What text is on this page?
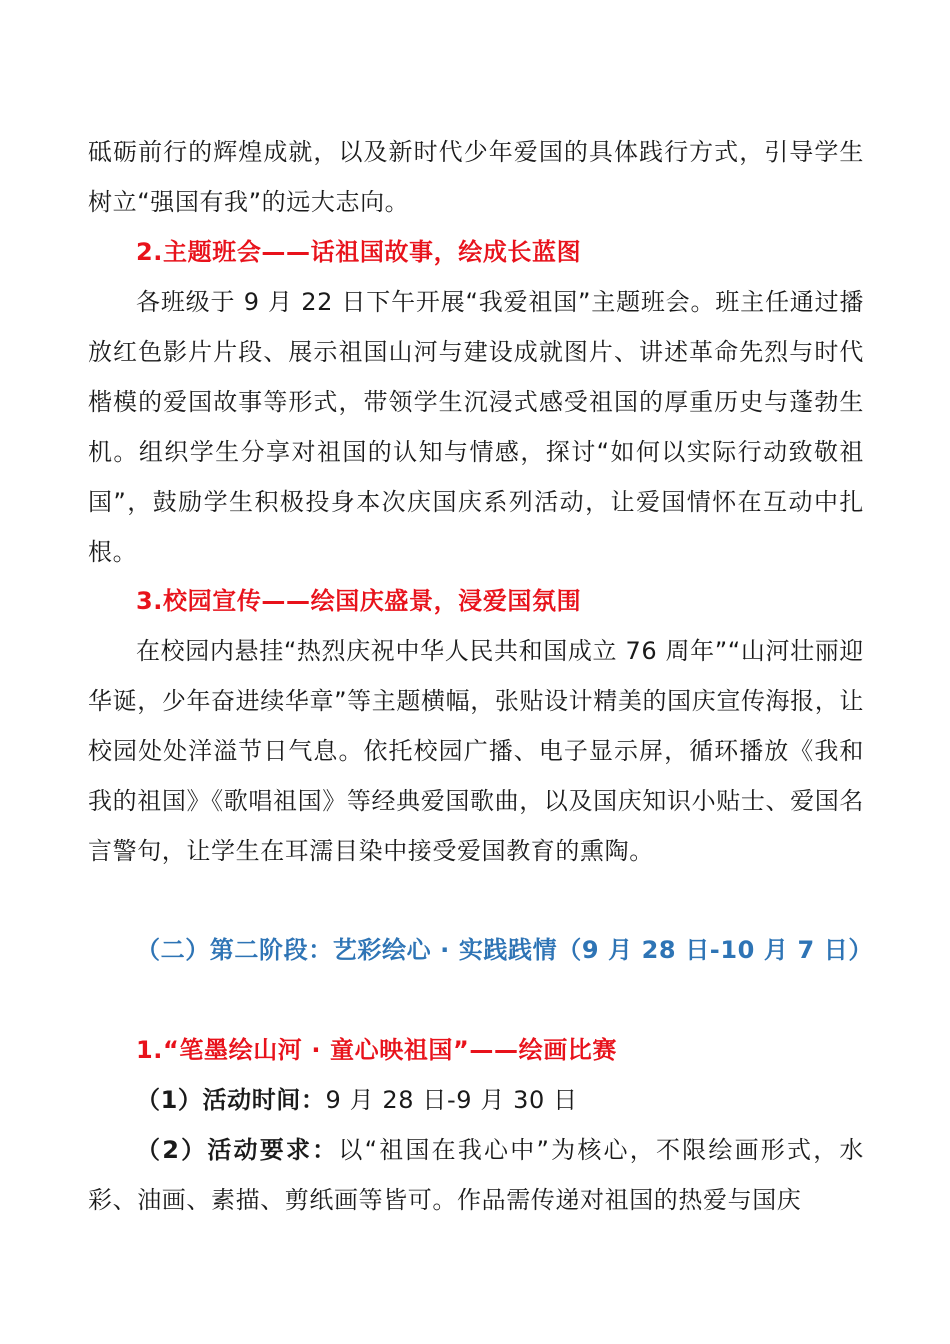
砥砺前行的辉煌成就，以及新时代少年爱国的具体践行方式，引导学生树立“强国有我”的远大志向。

2.主题班会——话祖国故事，绘成长蓝图

各班级于 9 月 22 日下午开展“我爱祖国”主题班会。班主任通过播放红色影片片段、展示祖国山河与建设成就图片、讲述革命先烈与时代楷模的爱国故事等形式，带领学生沉浸式感受祖国的厚重历史与蓬勃生机。组织学生分享对祖国的认知与情感，探讨“如何以实际行动致敬祖国”，鼓励学生积极投身本次庆国庆系列活动，让爱国情怀在互动中扎根。

3.校园宣传——绘国庆盛景，浸爱国氛围

在校园内悬挂“热烈庆祝中华人民共和国成立 76 周年”“山河壮丽迎华诞，少年奋进续华章”等主题横幅，张贴设计精美的国庆宣传海报，让校园处处洋溢节日气息。依托校园广播、电子显示屏，循环播放《我和我的祖国》《歌唱祖国》等经典爱国歌曲，以及国庆知识小贴士、爱国名言警句，让学生在耳濡目染中接受爱国教育的熏陶。

（二）第二阶段：艺彩绘心 · 实践践情（9 月 28 日-10 月 7 日）

1.“笔墨绘山河 · 童心映祖国”——绘画比赛

（1）活动时间：9 月 28 日-9 月 30 日

（2）活动要求：以“祖国在我心中”为核心，不限绘画形式，水彩、油画、素描、剪纸画等皆可。作品需传递对祖国的热爱与国庆
